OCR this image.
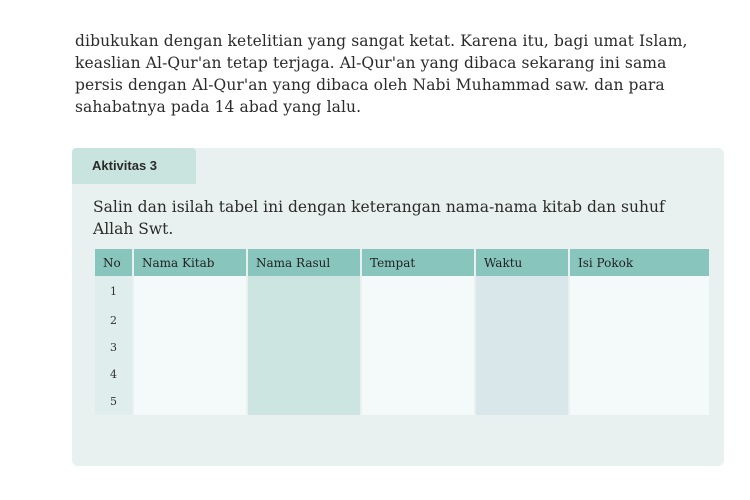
dibukukan dengan ketelitian yang sangat ketat. Karena itu, bagi umat Islam,
keaslian Al-Qur'an tetap terjaga. Al-Qur'an yang dibaca sekarang ini sama
persis dengan Al-Qur'an yang dibaca oleh Nabi Muhammad saw. dan para
sahabatnya pada 14 abad yang lalu.
Aktivitas 3
Salin dan isilah tabel ini dengan keterangan nama-nama kitab dan suhuf
Allah Swt.
No	Nama Kitab	Nama Rasul	Tempat	Waktu	Isi Pokok
1					
2					
3					
4					
5					
